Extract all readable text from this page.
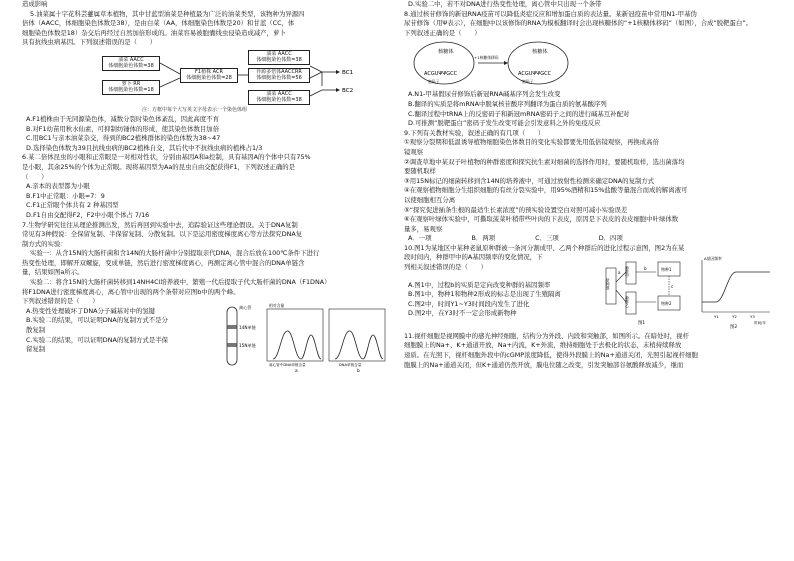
造成影响

5.油菜属十字花科芸薹属草本植物，其中甘蓝型油菜是种植最为广泛的油菜类型，该物种为异源四

倍体（AACC，体细胞染色体数是38），是由白菜（AA，体细胞染色体数是20）和甘蓝（CC，体

细胞染色体数是18）杂交后再经过自然加倍形成的。油菜容易被胞囊线虫侵染造成减产，萝卜

具有抗线虫病基因。下列叙述错误的是（　　）

油菜 AACC
体细胞染色体数=38
萝卜 RR
体细胞染色体数=18
F1植株 ACR
体细胞染色体数=28
异源多倍体AACCRR
体细胞染色体数=56
油菜 AACC
体细胞染色体数=38
油菜 AACC
体细胞染色体数=38
BC1
BC2
注：方框中每个大写英文字母表示一个染色体组

A.F1植株由于无同源染色体，减数分裂时染色体紊乱，因此高度不育

B.对F1幼苗用秋水仙素，可抑制纺锤体的形成，使其染色体数目加倍

C.用BC1与亲本油菜杂交，得到的BC2植株群体的染色体数为38~47

D.选择染色体数为39且抗线虫病的BC2植株自交，其后代中不抗线虫病的植株占1/3

6.某二倍体昆虫的小眼和正常眼是一对相对性状，分别由基因A和a控制，具有基因A的个体中只有75%

是小眼，其余25%的个体为正常眼。现将基因型为Aa的昆虫自由交配获得F1，下列叙述正确的是

（　　）

A.亲本的表型都为小眼

B.F1中正常眼：小眼=7：9

C.F1正常眼个体共有 2 种基因型

D.F1自由交配得F2，F2中小眼个体占 7/16

7.生物学研究往往从理论推测出发，然后再回到实验中去，追踪验证这些理论假设。关于DNA复制

常见有3种假说：全保留复制、半保留复制、分散复制。以下是运用密度梯度离心等方法探究DNA复

制方式的实验：

实验一：从含15N的大肠杆菌和含14N的大肠杆菌中分别提取亲代DNA，混合后放在100℃条件下进行

热变性处理，即解开双螺旋，变成单链，然后进行密度梯度离心，再测定离心管中混合的DNA单链含

量，结果如图a所示。

实验二：将含15N的大肠杆菌转移到14NH4Cl培养液中，繁殖一代后提取子代大肠杆菌的DNA（F1DNA）

将F1DNA进行密度梯度离心，离心管中出现的两个条带对应图b中的两个峰。

下列叙述错误的是（　　）

A.热变性处理破坏了DNA分子碱基对中的氢键

B.实验二的结果，可以证明DNA的复制方式不是分

散复制

C.实验二的结果，可以证明DNA的复制方式是半保

留复制

离心管
14N单链
15N单链
相对含量
离心管中DNA单链含量
a
DNA单链含量
b

D.实验二中，若不对DNA进行热变性处理，离心管中只出现一个条带

8.通过核苷修饰的新冠RNA疫苗可以降低炎症反应和增加蛋白质的表达量。某新冠疫苗中常用N1-甲基伪

尿苷修饰（用Ψ表示），在细胞中以该修饰的RNA为模板翻译时会出现核糖体的“+1核糖体移码”（如图），合成“脱靶蛋白”。

下列叙述正确的是（　　）

核糖体	核糖体
ACGUΨΨGCC	ACGUΨΨGCC
密码子	密码子
+1核糖体移码

A.N1-甲基假尿苷修饰后新冠RNA碱基序列会发生改变

B.翻译的实质是将mRNA中脱氧核苷酸序列翻译为蛋白质的氨基酸序列

C.翻译过程中tRNA上的反密码子和新冠mRNA密码子之间的进行碱基互补配对

D.可推测“脱靶蛋白”密码子发生改变可能会引发意料之外的免疫反应

9.下列有关教材实验，叙述正确的有几项（　　）

①观察分裂期和低温诱导植物细胞染色体数目的变化实验都要先用低倍镜观察，再换成高倍

镜观察

②调查草地中某双子叶植物的种群密度和探究抗生素对细菌的选择作用时，要随机取样，选出菌落均

要随机取样

③用15N标记的细菌转移到含14N的培养液中，可通过放射性检测来确定DNA的复制方式

④在观察植物细胞分生组织细胞的有丝分裂实验中，用95%酒精和15%盐酸等量混合而成的解离液可

以使细胞相互分离

⑤“探究促进插条生根的最适生长素浓度”的预实验设置空白对照可减小实验误差

⑥在观察叶绿体实验中，可撕取菠菜叶稍带些叶肉的下表皮，原因是下表皮的表皮细胞中叶绿体数

量多，易观察

A．一项	B．两项	C．三项	D．四项

10.图1为某地区中某种老鼠原种群被一条河分割成甲、乙两个种群后的进化过程示意图，图2为在某

段时间内，种群甲中的A基因频率的变化情况，下

列相关叙述错误的是（　　）

A.图1中，过程b的实质是定向改变种群的基因频率

B.图1中，物种1和物种2形成的标志是出现了生殖隔离

C.图2中，时间Y1~Y3时间段内发生了进化

D.图2中，在Y3时不一定会形成新物种

原种群
种群甲
种群乙
a
b	物种1
物种2
c
图1
A基因频率
Y1	Y2	Y3
时间/年
图2

11.视杆细胞是视网膜中的感光神经细胞，结构分为外段、内段和突触部，如图所示。在暗处时，视杆

细胞膜上的Na+、K+通道开放，Na+内流，K+外流，维持细胞处于去极化的状态，末梢持续释放

递质。在光照下，视杆细胞外段中的cGMP浓度降低，使得外段膜上的Na+通道关闭，光照引起视杆细胞

胞膜上的Na+通道关闭，但K+通道仍然开放，膜电位随之改变，引发突触部谷氨酸释放减少，继而
